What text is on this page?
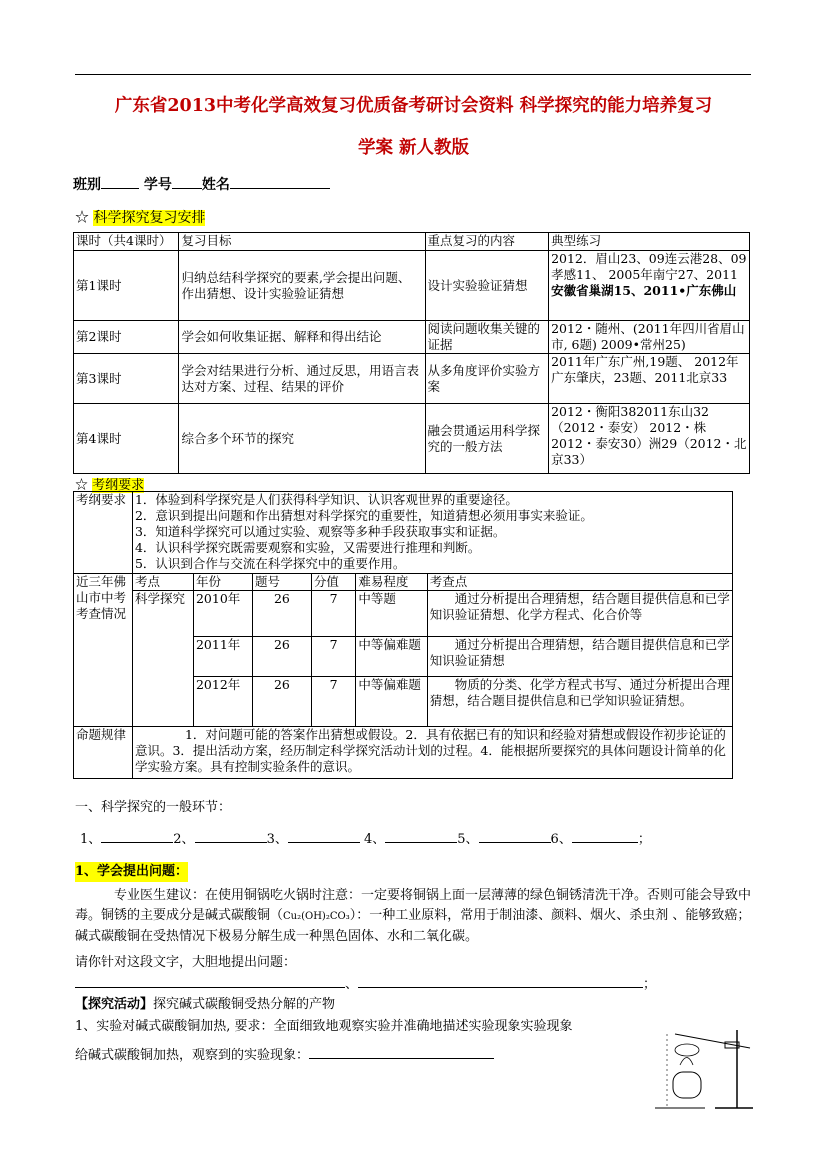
广东省2013中考化学高效复习优质备考研讨会资料 科学探究的能力培养复习
学案 新人教版
班别	学号 姓名
☆ 科学探究复习安排
课时（共4课时）	复习目标	重点复习的内容	典型练习
第1课时	归纳总结科学探究的要素,学会提出问题、作出猜想、设计实验验证猜想	设计实验验证猜想	2012．眉山23、09连云港28、09孝感11、 2005年南宁27、2011 安徽省巢湖15、2011•广东佛山
第2课时	学会如何收集证据、解释和得出结论	阅读问题收集关键的证据	2012・随州、(2011年四川省眉山市, 6题) 2009•常州25)
第3课时	学会对结果进行分析、通过反思，用语言表达对方案、过程、结果的评价	从多角度评价实验方案	2011年广东广州,19题、 2012年广东肇庆，23题、2011北京33
第4课时	综合多个环节的探究	融会贯通运用科学探究的一般方法	2012・衡阳382011东山32（2012・泰安） 2012・株2012・泰安30）洲29（2012・北京33）
☆ 考纲要求
考纲要求	1．体验到科学探究是人们获得科学知识、认识客观世界的重要途径。
2．意识到提出问题和作出猜想对科学探究的重要性，知道猜想必须用事实来验证。
3．知道科学探究可以通过实验、观察等多种手段获取事实和证据。
4．认识科学探究既需要观察和实验，又需要进行推理和判断。
5．认识到合作与交流在科学探究中的重要作用。					

近三年佛山市中考考查情况	考点	年份	题号	分值	难易程度	考查点
	科学探究	2010年	26	7	中等题	通过分析提出合理猜想，结合题目提供信息和已学知识验证猜想、化学方程式、化合价等
		2011年	26	7	中等偏难题	通过分析提出合理猜想，结合题目提供信息和已学知识验证猜想
		2012年	26	7	中等偏难题	物质的分类、化学方程式书写、通过分析提出合理猜想，结合题目提供信息和已学知识验证猜想。
命题规律	1．对问题可能的答案作出猜想或假设。2．具有依据已有的知识和经验对猜想或假设作初步论证的意识。3．提出活动方案，经历制定科学探究活动计划的过程。4．能根据所要探究的具体问题设计简单的化学实验方案。具有控制实验条件的意识。					
一、科学探究的一般环节：
1、	2、	3、	4、	5、	6、	；
1、学会提出问题：
专业医生建议：在使用铜锅吃火锅时注意：一定要将铜锅上面一层薄薄的绿色铜锈清洗干净。否则可能会导致中毒。铜锈的主要成分是碱式碳酸铜（Cu₂(OH)₂CO₃）：一种工业原料，常用于制油漆、颜料、烟火、杀虫剂 、能够致癌；碱式碳酸铜在受热情况下极易分解生成一种黑色固体、水和二氧化碳。
请你针对这段文字，大胆地提出问题：
、	；
【探究活动】探究碱式碳酸铜受热分解的产物
1、实验对碱式碳酸铜加热, 要求：全面细致地观察实验并准确地描述实验现象实验现象
给碱式碳酸铜加热，观察到的实验现象：
